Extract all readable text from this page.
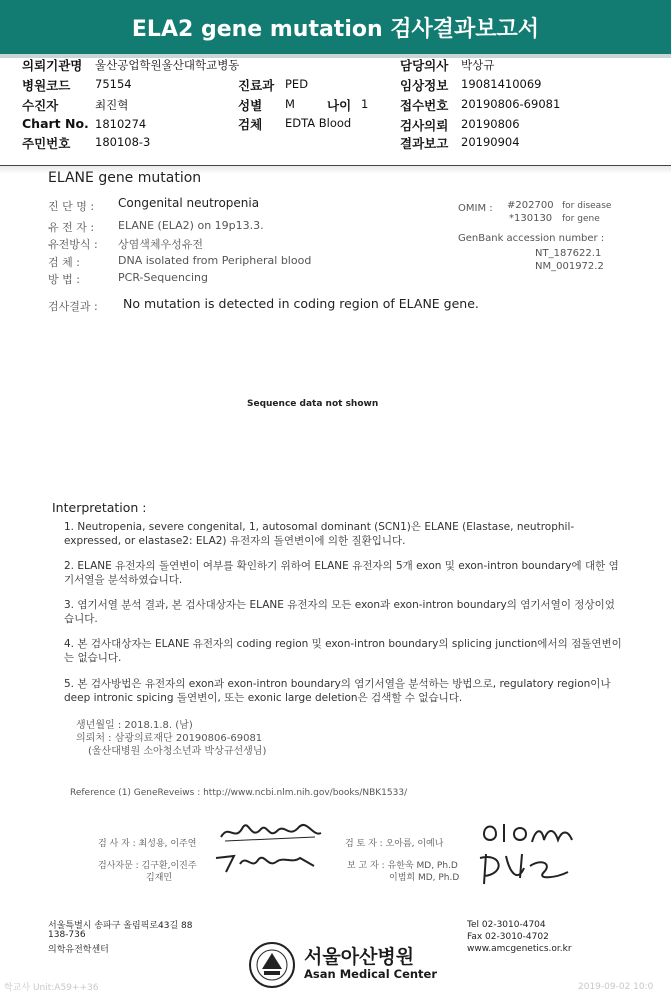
ELA2 gene mutation 검사결과보고서
의뢰기관명 울산공업학원울산대학교병동
병원코드 75154
수진자	최진혁
Chart No. 1810274
주민번호 180108-3
진료과 PED
성별 M	나이 1
검체 EDTA Blood
담당의사 박상규
임상정보 19081410069
접수번호 20190806-69081
검사의뢰 20190806
결과보고 20190904
ELANE gene mutation
진 단 명 : Congenital neutropenia
유 전 자 : ELANE (ELA2) on 19p13.3.
유전방식 : 상염색체우성유전
검 체 :	DNA isolated from Peripheral blood
방 법 :	PCR-Sequencing
OMIM : #202700 for disease
*130130 for gene
GenBank accession number :
NT_187622.1
NM_001972.2
검사결과 : No mutation is detected in coding region of ELANE gene.
Sequence data not shown
Interpretation :
1. Neutropenia, severe congenital, 1, autosomal dominant (SCN1)은 ELANE (Elastase, neutrophil-expressed, or elastase2: ELA2) 유전자의 돌연변이에 의한 질환입니다.
2. ELANE 유전자의 돌연변이 여부를 확인하기 위하여 ELANE 유전자의 5개 exon 및 exon-intron boundary에 대한 염기서열을 분석하였습니다.
3. 염기서열 분석 결과, 본 검사대상자는 ELANE 유전자의 모든 exon과 exon-intron boundary의 염기서열이 정상이었습니다.
4. 본 검사대상자는 ELANE 유전자의 coding region 및 exon-intron boundary의 splicing junction에서의 점돌연변이는 없습니다.
5. 본 검사방법은 유전자의 exon과 exon-intron boundary의 염기서열을 분석하는 방법으로, regulatory region이나 deep intronic spicing 돌연변이, 또는 exonic large deletion은 검색할 수 없습니다.
생년월일 : 2018.1.8. (남)
의뢰처 : 삼광의료재단 20190806-69081
(울산대병원 소아청소년과 박상규선생님)
Reference (1) GeneReveiws : http://www.ncbi.nlm.nih.gov/books/NBK1533/
검 사 자 : 최성용, 이주연
검사자문 : 김구환,이진주
김재민
검 토 자 : 오아름, 이예나
보 고 자 : 유한욱 MD, Ph.D
이범희 MD, Ph.D
서울특별시 송파구 올림픽로43길 88
138-736
의학유전학센터	서울아산병원
Asan Medical Center
Tel 02-3010-4704
Fax 02-3010-4702
www.amcgenetics.or.kr
학교사 Unit:A59++36	2019-09-02 10:0
